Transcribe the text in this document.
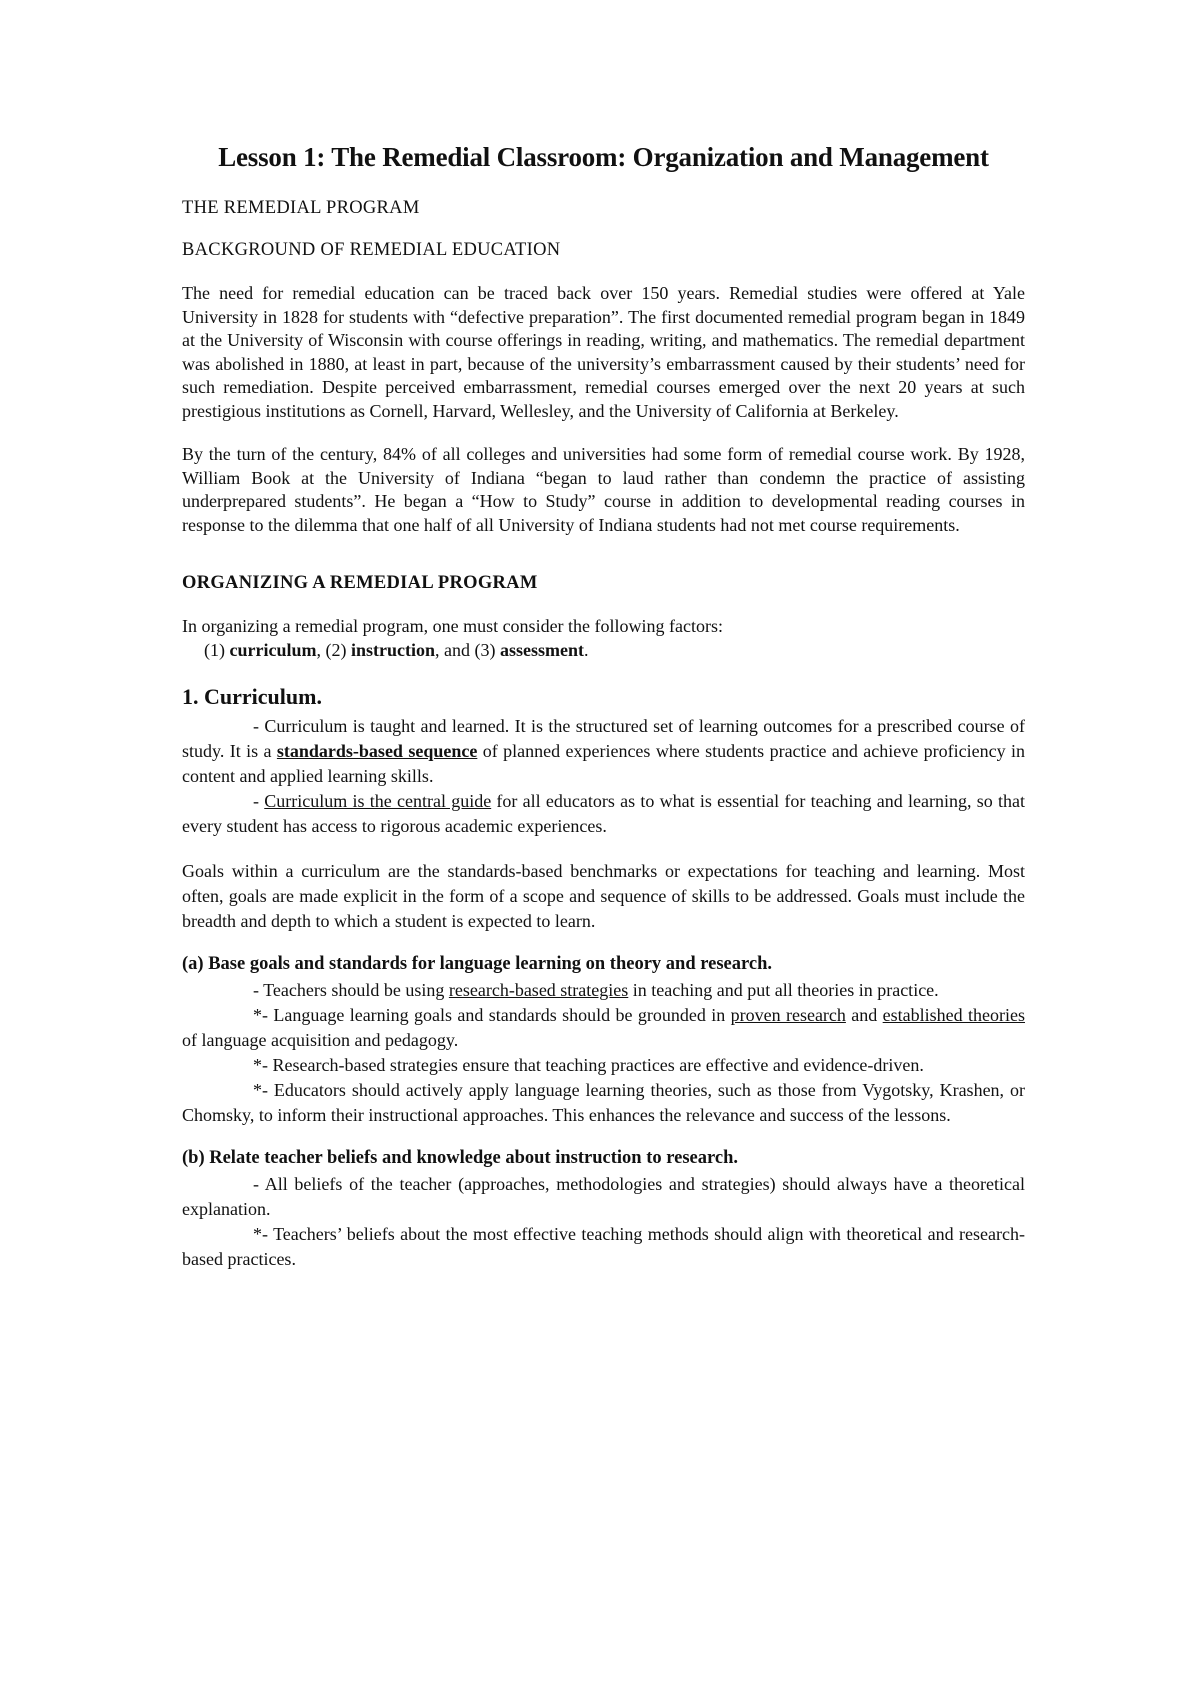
Lesson 1: The Remedial Classroom: Organization and Management
THE REMEDIAL PROGRAM
BACKGROUND OF REMEDIAL EDUCATION

The need for remedial education can be traced back over 150 years. Remedial studies were offered at Yale University in 1828 for students with “defective preparation”. The first documented remedial program began in 1849 at the University of Wisconsin with course offerings in reading, writing, and mathematics. The remedial department was abolished in 1880, at least in part, because of the university’s embarrassment caused by their students’ need for such remediation. Despite perceived embarrassment, remedial courses emerged over the next 20 years at such prestigious institutions as Cornell, Harvard, Wellesley, and the University of California at Berkeley.

By the turn of the century, 84% of all colleges and universities had some form of remedial course work. By 1928, William Book at the University of Indiana “began to laud rather than condemn the practice of assisting underprepared students”. He began a “How to Study” course in addition to developmental reading courses in response to the dilemma that one half of all University of Indiana students had not met course requirements.

ORGANIZING A REMEDIAL PROGRAM

In organizing a remedial program, one must consider the following factors:

(1) curriculum, (2) instruction, and (3) assessment.

1. Curriculum.

- Curriculum is taught and learned. It is the structured set of learning outcomes for a prescribed course of study. It is a standards-based sequence of planned experiences where students practice and achieve proficiency in content and applied learning skills.

- Curriculum is the central guide for all educators as to what is essential for teaching and learning, so that every student has access to rigorous academic experiences.

Goals within a curriculum are the standards-based benchmarks or expectations for teaching and learning. Most often, goals are made explicit in the form of a scope and sequence of skills to be addressed. Goals must include the breadth and depth to which a student is expected to learn.

(a) Base goals and standards for language learning on theory and research.

- Teachers should be using research-based strategies in teaching and put all theories in practice.

*- Language learning goals and standards should be grounded in proven research and established theories of language acquisition and pedagogy.

*- Research-based strategies ensure that teaching practices are effective and evidence-driven.

*- Educators should actively apply language learning theories, such as those from Vygotsky, Krashen, or Chomsky, to inform their instructional approaches. This enhances the relevance and success of the lessons.

(b) Relate teacher beliefs and knowledge about instruction to research.

- All beliefs of the teacher (approaches, methodologies and strategies) should always have a theoretical explanation.

*- Teachers’ beliefs about the most effective teaching methods should align with theoretical and research-based practices.
